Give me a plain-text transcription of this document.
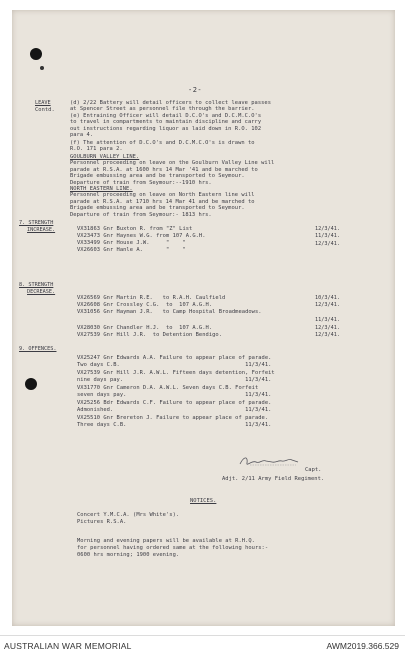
-2-
LEAVE
Contd.
(d) 2/22 Battery will detail officers to collect leave passes
at Spencer Street as personnel file through the barrier.
(e) Entraining Officer will detail D.C.O's and D.C.M.C.O's
to travel in compartments to maintain discipline and carry
out instructions regarding liquor as laid down in R.O. 102
para 4.
(f) The attention of D.C.O's and D.C.M.C.O's is drawn to
R.O. 171 para 2.
GOULBURN VALLEY LINE.
Personnel proceeding on leave on the Goulburn Valley Line will
parade at R.S.A. at 1600 hrs 14 Mar '41 and be marched to
Brigade embussing area and be transported to Seymour.
Departure of train from Seymour:--1910 hrs.
NORTH EASTERN LINE.
Personnel proceeding on leave on North Eastern line will
parade at R.S.A. at 1710 hrs 14 Mar 41 and be marched to
Brigade embussing area and be transported to Seymour.
Departure of train from Seymour:- 1813 hrs.
7. STRENGTH
INCREASE.	VX31863 Gnr Buxton R. from "Z" List	12/3/41.
VX23473 Gnr Haynes W.G. from 107 A.G.H.	11/3/41.
VX33499 Gnr House J.W.     "    "	12/3/41.
VX26603 Gnr Hanle A.       "    "
8. STRENGTH
DECREASE.
VX26569 Gnr Martin R.E.   to R.A.H. Caulfield	10/3/41.
VX26608 Gnr Crossley C.G.  to  107 A.G.H.	12/3/41.
VX31056 Gnr Hayman J.R.   to Camp Hospital Broadmeadows.
11/3/41.
VX28030 Gnr Chandler H.J.  to  107 A.G.H.	12/3/41.
VX27539 Gnr Hill J.R.  to Detention Bendigo.	12/3/41.
9. OFFENCES.
VX25247 Gnr Edwards A.A. Failure to appear place of parade.
Two days C.B.                                      11/3/41.
VX27539 Gnr Hill J.R. A.W.L. Fifteen days detention, Forfeit
nine days pay.                                     11/3/41.
VX31770 Gnr Cameron D.A. A.W.L. Seven days C.B. Forfeit
seven days pay.                                    11/3/41.
VX25256 Bdr Edwards C.F. Failure to appear place of parade.
Admonished.                                        11/3/41.
VX25510 Gnr Brereton J. Failure to appear place of parade.
Three days C.B.                                    11/3/41.
Capt.
Adjt. 2/11 Army Field Regiment.
NOTICES.
Concert Y.M.C.A. (Mrs White's).
Pictures R.S.A.
Morning and evening papers will be available at R.H.Q.
for personnel having ordered same at the following hours:-
0600 hrs morning; 1900 evening.
AUSTRALIAN WAR MEMORIAL	AWM2019.366.529
